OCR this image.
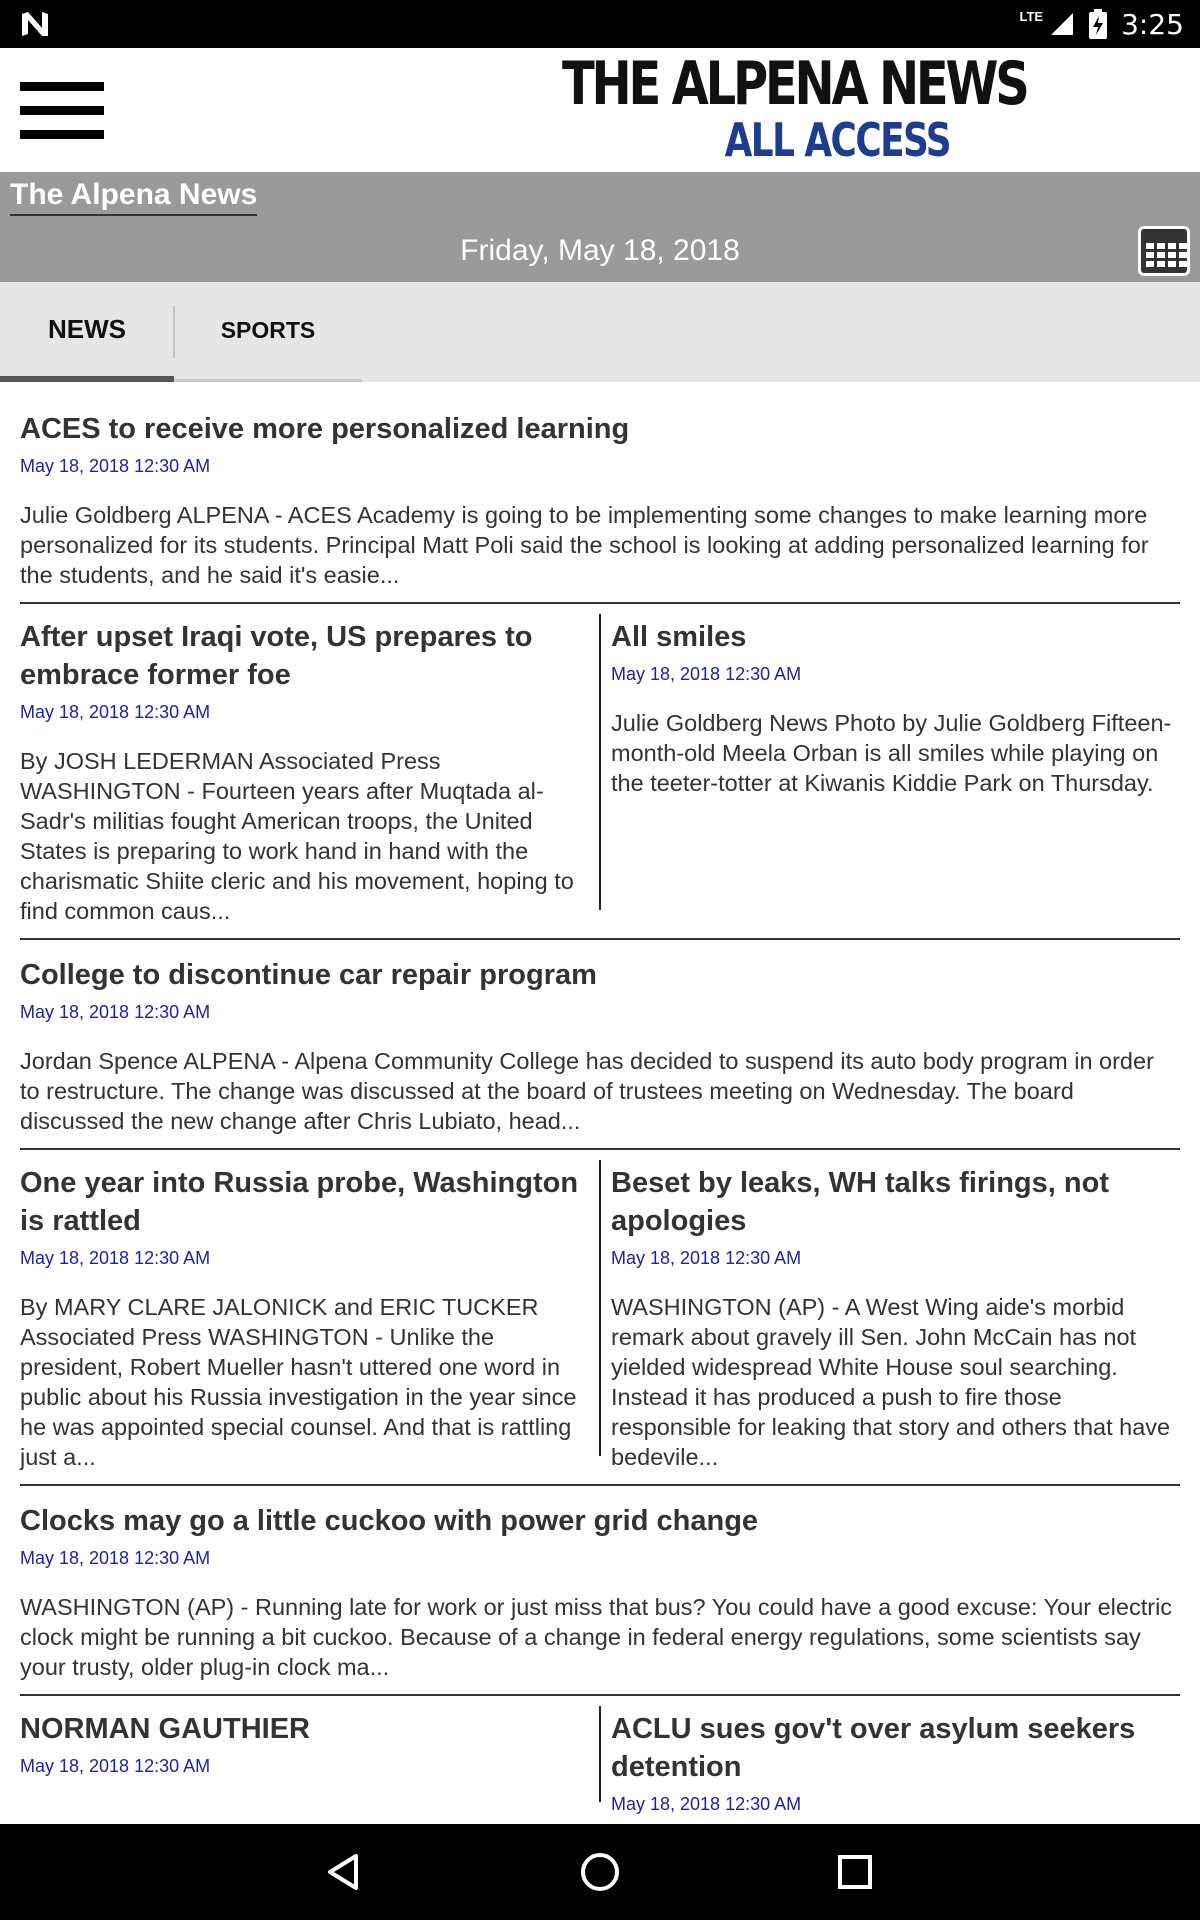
LTE	3:25
THE ALPENA NEWS
ALL ACCESS
The Alpena News
Friday, May 18, 2018
NEWS	SPORTS
ACES to receive more personalized learning
May 18, 2018 12:30 AM

Julie Goldberg ALPENA - ACES Academy is going to be implementing some changes to make learning more personalized for its students. Principal Matt Poli said the school is looking at adding personalized learning for the students, and he said it's easie...

After upset Iraqi vote, US prepares to embrace former foe
May 18, 2018 12:30 AM

By JOSH LEDERMAN Associated Press WASHINGTON - Fourteen years after Muqtada al-Sadr's militias fought American troops, the United States is preparing to work hand in hand with the charismatic Shiite cleric and his movement, hoping to find common caus...

All smiles
May 18, 2018 12:30 AM

Julie Goldberg News Photo by Julie Goldberg Fifteen-month-old Meela Orban is all smiles while playing on the teeter-totter at Kiwanis Kiddie Park on Thursday.

College to discontinue car repair program
May 18, 2018 12:30 AM

Jordan Spence ALPENA - Alpena Community College has decided to suspend its auto body program in order to restructure. The change was discussed at the board of trustees meeting on Wednesday. The board discussed the new change after Chris Lubiato, head...

One year into Russia probe, Washington is rattled
May 18, 2018 12:30 AM

By MARY CLARE JALONICK and ERIC TUCKER Associated Press WASHINGTON - Unlike the president, Robert Mueller hasn't uttered one word in public about his Russia investigation in the year since he was appointed special counsel. And that is rattling just a...

Beset by leaks, WH talks firings, not apologies
May 18, 2018 12:30 AM

WASHINGTON (AP) - A West Wing aide's morbid remark about gravely ill Sen. John McCain has not yielded widespread White House soul searching. Instead it has produced a push to fire those responsible for leaking that story and others that have bedevile...

Clocks may go a little cuckoo with power grid change
May 18, 2018 12:30 AM

WASHINGTON (AP) - Running late for work or just miss that bus? You could have a good excuse: Your electric clock might be running a bit cuckoo. Because of a change in federal energy regulations, some scientists say your trusty, older plug-in clock ma...

NORMAN GAUTHIER
May 18, 2018 12:30 AM
ACLU sues gov't over asylum seekers detention
May 18, 2018 12:30 AM
